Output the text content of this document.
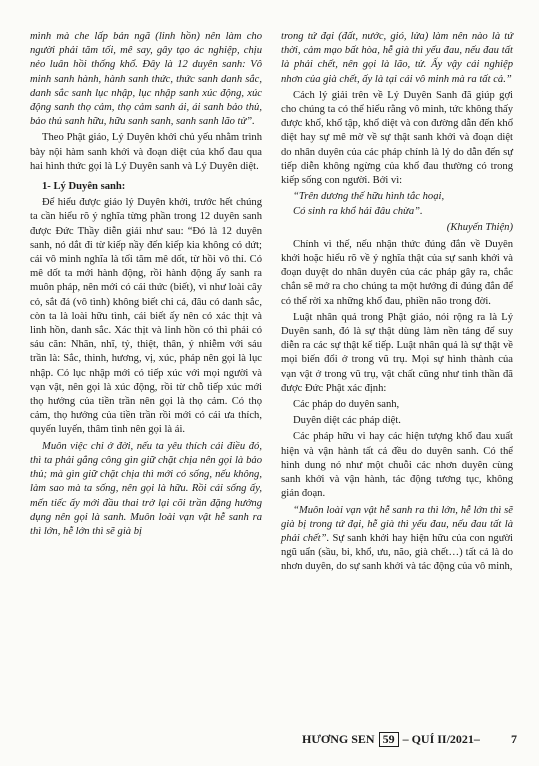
mình mà che lấp bản ngã (linh hồn) nên làm cho người phải tăm tối, mê say, gây tạo ác nghiệp, chịu nẻo luân hồi thống khổ. Đây là 12 duyên sanh: Vô minh sanh hành, hành sanh thức, thức sanh danh sắc, danh sắc sanh lục nhập, lục nhập sanh xúc động, xúc động sanh thọ cảm, thọ cảm sanh ái, ái sanh bảo thủ, bảo thủ sanh hữu, hữu sanh sanh, sanh sanh lão tử”.

Theo Phật giáo, Lý Duyên khởi chủ yếu nhằm trình bày nội hàm sanh khởi và đoạn diệt của khổ đau qua hai hình thức gọi là Lý Duyên sanh và Lý Duyên diệt.

1- Lý Duyên sanh:

Để hiểu được giáo lý Duyên khởi, trước hết chúng ta cần hiểu rõ ý nghĩa từng phần trong 12 duyên sanh được Đức Thầy diễn giải như sau: “Đó là 12 duyên sanh, nó dắt đi từ kiếp nầy đến kiếp kia không có dứt; cái vô minh nghĩa là tối tăm mê dốt, từ hồi vô thỉ. Có mê dốt ta mới hành động, rồi hành động ấy sanh ra muôn pháp, nên mới có cái thức (biết), vì như loài cây cỏ, sắt đá (vô tình) không biết chi cả, đâu có danh sắc, còn ta là loài hữu tình, cái biết ấy nên có xác thịt và linh hồn, danh sắc. Xác thịt và linh hồn có thì phải có sáu căn: Nhãn, nhĩ, tỷ, thiệt, thân, ý nhiễm với sáu trần là: Sắc, thinh, hương, vị, xúc, pháp nên gọi là lục nhập. Có lục nhập mới có tiếp xúc với mọi người và vạn vật, nên gọi là xúc động, rồi từ chỗ tiếp xúc mới thọ hưởng của tiền trần nên gọi là thọ cảm. Có thọ cảm, thọ hưởng của tiền trần rồi mới có cái ưa thích, quyến luyến, thâm tình nên gọi là ái.

Muôn việc chi ở đời, nếu ta yêu thích cái điều đó, thì ta phải gắng công gìn giữ chặt chịa nên gọi là bảo thủ; mà gìn giữ chặt chịa thì mới có sống, nếu không, làm sao mà ta sống, nên gọi là hữu. Rồi cái sống ấy, mến tiếc ấy mới đầu thai trở lại cõi trần đặng hưởng dụng nên gọi là sanh. Muôn loài vạn vật hễ sanh ra thì lớn, hễ lớn thì sẽ già bị

trong tứ đại (đất, nước, gió, lửa) làm nên nào là tứ thời, cảm mạo bất hòa, hễ già thì yếu đau, nếu đau tất là phải chết, nên gọi là lão, tử. Ấy vậy cái nghiệp nhơn của già chết, ấy là tại cái vô minh mà ra tất cả.”

Cách lý giải trên về Lý Duyên Sanh đã giúp gợi cho chúng ta có thể hiểu rằng vô minh, tức không thấy được khổ, khổ tập, khổ diệt và con đường dẫn đến khổ diệt hay sự mê mờ về sự thật sanh khởi và đoạn diệt do nhân duyên của các pháp chính là lý do dẫn đến sự tiếp diễn không ngừng của khổ đau thường có trong kiếp sống con người. Bởi vì:

“Trên dương thế hữu hình tắc hoại,

Có sinh ra khổ hải đâu chừa”.

(Khuyến Thiện)

Chính vì thế, nếu nhận thức đúng đắn về Duyên khởi hoặc hiểu rõ về ý nghĩa thật của sự sanh khởi và đoạn duyệt do nhân duyên của các pháp gây ra, chắc chắn sẽ mở ra cho chúng ta một hướng đi đúng đắn để có thể rời xa những khổ đau, phiền não trong đời.

Luật nhân quả trong Phật giáo, nói rộng ra là Lý Duyên sanh, đó là sự thật dùng làm nền tảng để suy diễn ra các sự thật kế tiếp. Luật nhân quả là sự thật về mọi biến đổi ở trong vũ trụ. Mọi sự hình thành của vạn vật ở trong vũ trụ, vật chất cũng như tinh thần đã được Đức Phật xác định:

Các pháp do duyên sanh,

Duyên diệt các pháp diệt.

Các pháp hữu vi hay các hiện tượng khổ đau xuất hiện và vận hành tất cả đều do duyên sanh. Có thể hình dung nó như một chuỗi các nhơn duyên cùng sanh khởi và vận hành, tác động tương tục, không gián đoạn.

“Muôn loài vạn vật hễ sanh ra thì lớn, hễ lớn thì sẽ già bị trong tứ đại, hễ già thì yếu đau, nếu đau tất là phải chết”. Sự sanh khởi hay hiện hữu của con người ngũ uẩn (sầu, bi, khổ, ưu, não, già chết…) tất cả là do nhơn duyên, do sự sanh khởi và tác động của vô minh,

HƯƠNG SEN 59 – QUÍ II/2021–	7
